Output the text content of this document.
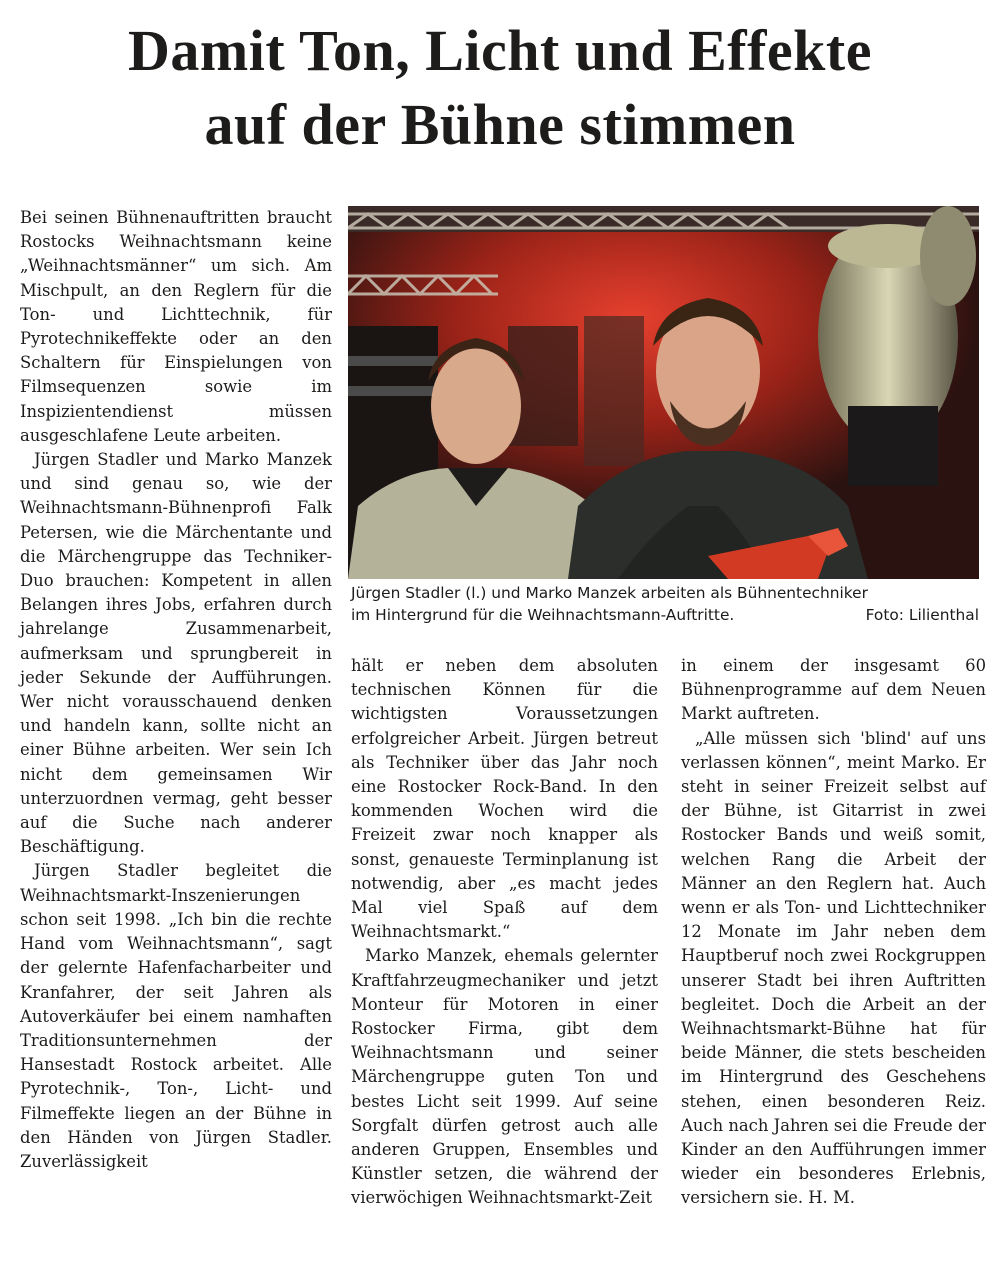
Damit Ton, Licht und Effekte
auf der Bühne stimmen

Bei seinen Bühnenauftritten braucht Rostocks Weihnachtsmann keine „Weihnachtsmänner“ um sich. Am Mischpult, an den Reglern für die Ton- und Lichttechnik, für Pyrotechnikeffekte oder an den Schaltern für Einspielungen von Filmsequenzen sowie im Inspizientendienst müssen ausgeschlafene Leute arbeiten.

Jürgen Stadler und Marko Manzek und sind genau so, wie der Weihnachtsmann-Bühnenprofi Falk Petersen, wie die Märchentante und die Märchengruppe das Techniker-Duo brauchen: Kompetent in allen Belangen ihres Jobs, erfahren durch jahrelange Zusammenarbeit, aufmerksam und sprungbereit in jeder Sekunde der Aufführungen. Wer nicht vorausschauend denken und handeln kann, sollte nicht an einer Bühne arbeiten. Wer sein Ich nicht dem gemeinsamen Wir unterzuordnen vermag, geht besser auf die Suche nach anderer Beschäftigung.

Jürgen Stadler begleitet die Weihnachtsmarkt-Inszenierungen schon seit 1998. „Ich bin die rechte Hand vom Weihnachtsmann“, sagt der gelernte Hafenfacharbeiter und Kranfahrer, der seit Jahren als Autoverkäufer bei einem namhaften Traditionsunternehmen der Hansestadt Rostock arbeitet. Alle Pyrotechnik-, Ton-, Licht- und Filmeffekte liegen an der Bühne in den Händen von Jürgen Stadler. Zuverlässigkeit

Jürgen Stadler (l.) und Marko Manzek arbeiten als Bühnentechniker
im Hintergrund für die Weihnachtsmann-Auftritte.	Foto: Lilienthal

hält er neben dem absoluten technischen Können für die wichtigsten Voraussetzungen erfolgreicher Arbeit. Jürgen betreut als Techniker über das Jahr noch eine Rostocker Rock-Band. In den kommenden Wochen wird die Freizeit zwar noch knapper als sonst, genaueste Terminplanung ist notwendig, aber „es macht jedes Mal viel Spaß auf dem Weihnachtsmarkt.“

Marko Manzek, ehemals gelernter Kraftfahrzeugmechaniker und jetzt Monteur für Motoren in einer Rostocker Firma, gibt dem Weihnachtsmann und seiner Märchengruppe guten Ton und bestes Licht seit 1999. Auf seine Sorgfalt dürfen getrost auch alle anderen Gruppen, Ensembles und Künstler setzen, die während der vierwöchigen Weihnachtsmarkt-Zeit

in einem der insgesamt 60 Bühnenprogramme auf dem Neuen Markt auftreten.

„Alle müssen sich 'blind' auf uns verlassen können“, meint Marko. Er steht in seiner Freizeit selbst auf der Bühne, ist Gitarrist in zwei Rostocker Bands und weiß somit, welchen Rang die Arbeit der Männer an den Reglern hat. Auch wenn er als Ton- und Lichttechniker 12 Monate im Jahr neben dem Hauptberuf noch zwei Rockgruppen unserer Stadt bei ihren Auftritten begleitet. Doch die Arbeit an der Weihnachtsmarkt-Bühne hat für beide Männer, die stets bescheiden im Hintergrund des Geschehens stehen, einen besonderen Reiz. Auch nach Jahren sei die Freude der Kinder an den Aufführungen immer wieder ein besonderes Erlebnis, versichern sie. H. M.
